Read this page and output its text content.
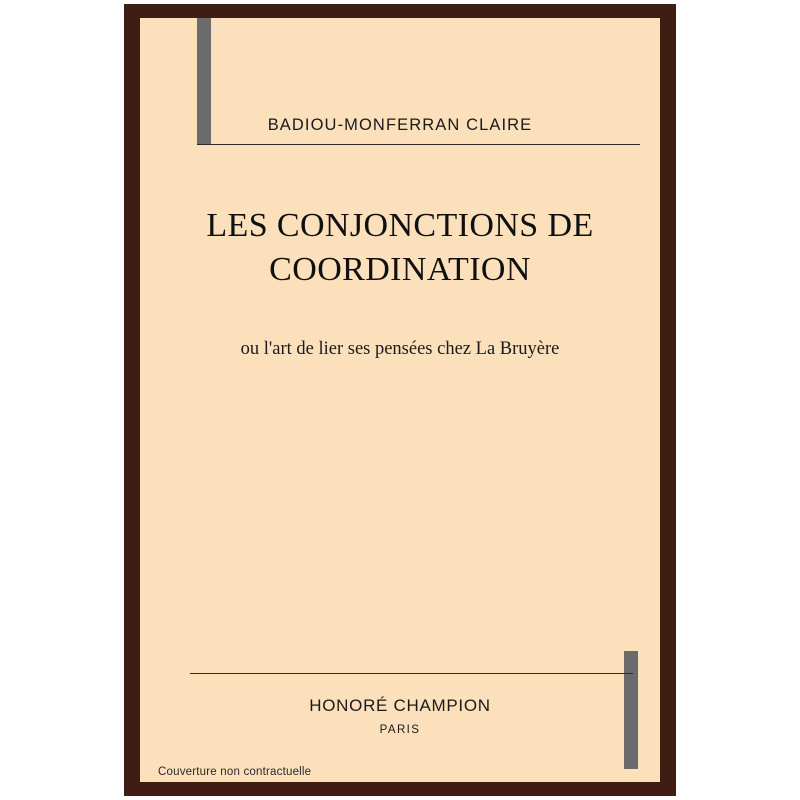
BADIOU-MONFERRAN CLAIRE
LES CONJONCTIONS DE
COORDINATION
ou l'art de lier ses pensées chez La Bruyère
HONORÉ CHAMPION
PARIS
Couverture non contractuelle
